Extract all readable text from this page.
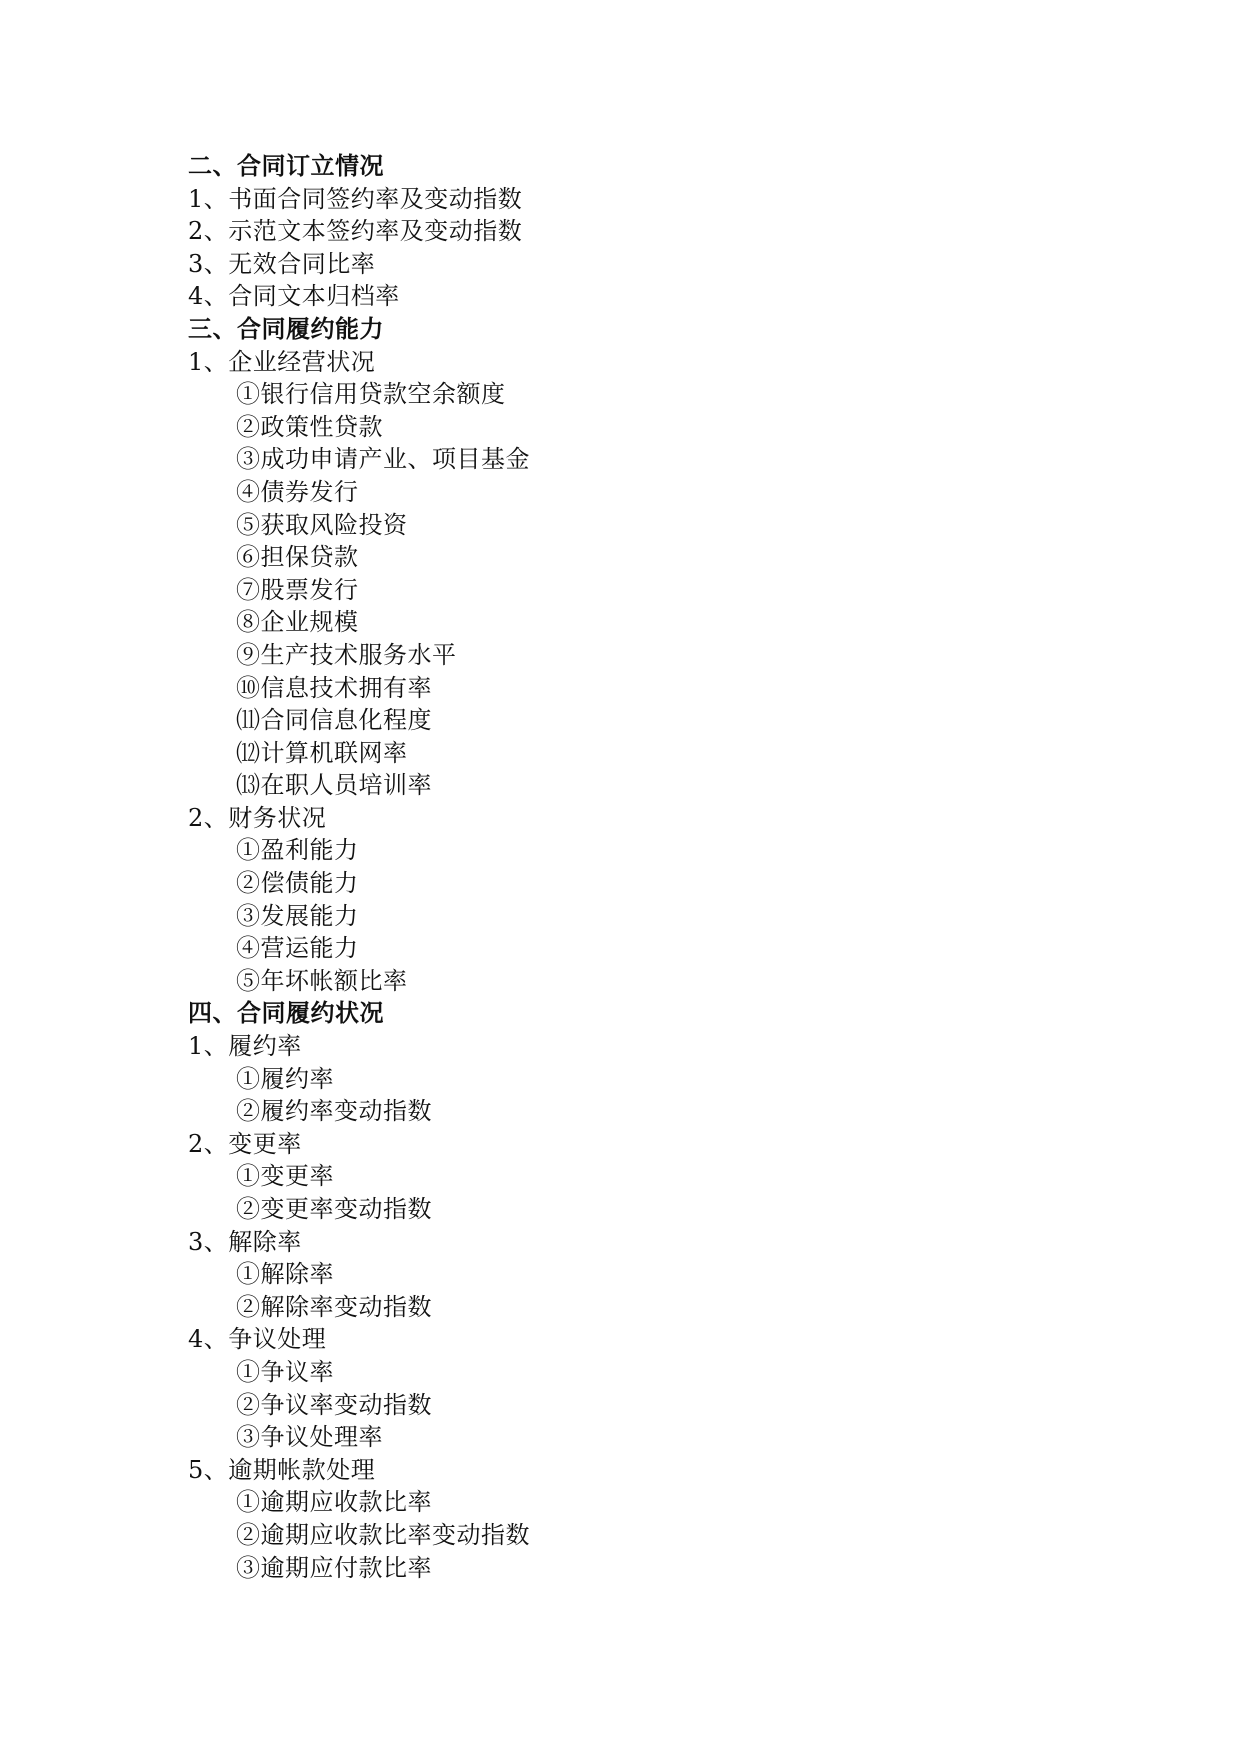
二、合同订立情况
1、书面合同签约率及变动指数
2、示范文本签约率及变动指数
3、无效合同比率
4、合同文本归档率
三、合同履约能力
1、企业经营状况
①银行信用贷款空余额度
②政策性贷款
③成功申请产业、项目基金
④债券发行
⑤获取风险投资
⑥担保贷款
⑦股票发行
⑧企业规模
⑨生产技术服务水平
⑩信息技术拥有率
⑾合同信息化程度
⑿计算机联网率
⒀在职人员培训率
2、财务状况
①盈利能力
②偿债能力
③发展能力
④营运能力
⑤年坏帐额比率
四、合同履约状况
1、履约率
①履约率
②履约率变动指数
2、变更率
①变更率
②变更率变动指数
3、解除率
①解除率
②解除率变动指数
4、争议处理
①争议率
②争议率变动指数
③争议处理率
5、逾期帐款处理
①逾期应收款比率
②逾期应收款比率变动指数
③逾期应付款比率
